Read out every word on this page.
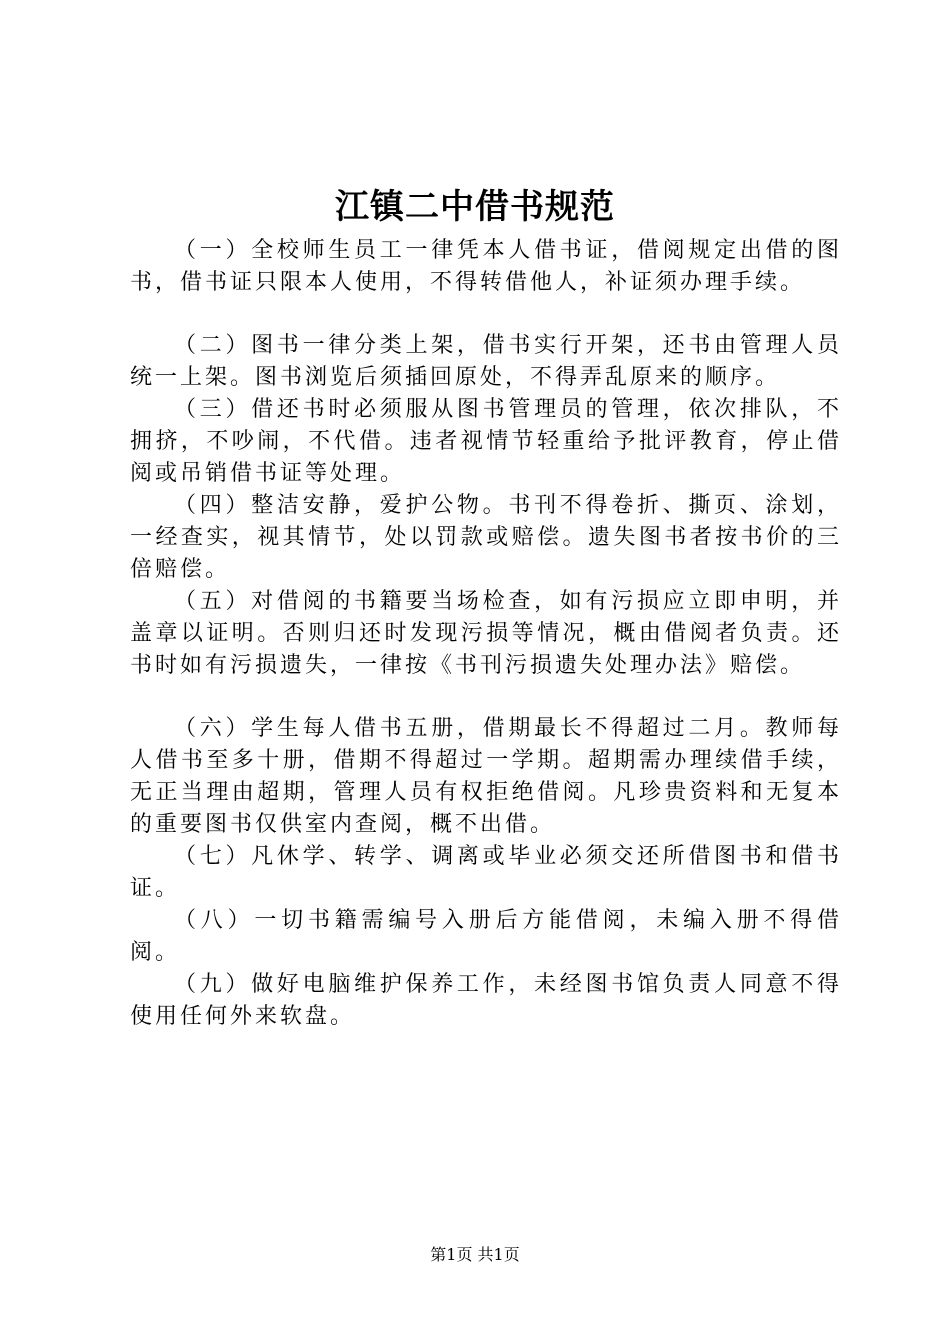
江镇二中借书规范

（一）全校师生员工一律凭本人借书证，借阅规定出借的图书，借书证只限本人使用，不得转借他人，补证须办理手续。

（二）图书一律分类上架，借书实行开架，还书由管理人员统一上架。图书浏览后须插回原处，不得弄乱原来的顺序。

（三）借还书时必须服从图书管理员的管理，依次排队，不拥挤，不吵闹，不代借。违者视情节轻重给予批评教育，停止借阅或吊销借书证等处理。

（四）整洁安静，爱护公物。书刊不得卷折、撕页、涂划，一经查实，视其情节，处以罚款或赔偿。遗失图书者按书价的三倍赔偿。

（五）对借阅的书籍要当场检查，如有污损应立即申明，并盖章以证明。否则归还时发现污损等情况，概由借阅者负责。还书时如有污损遗失，一律按《书刊污损遗失处理办法》赔偿。

（六）学生每人借书五册，借期最长不得超过二月。教师每人借书至多十册，借期不得超过一学期。超期需办理续借手续，无正当理由超期，管理人员有权拒绝借阅。凡珍贵资料和无复本的重要图书仅供室内查阅，概不出借。

（七）凡休学、转学、调离或毕业必须交还所借图书和借书证。

（八）一切书籍需编号入册后方能借阅，未编入册不得借阅。

（九）做好电脑维护保养工作，未经图书馆负责人同意不得使用任何外来软盘。

第1页 共1页
